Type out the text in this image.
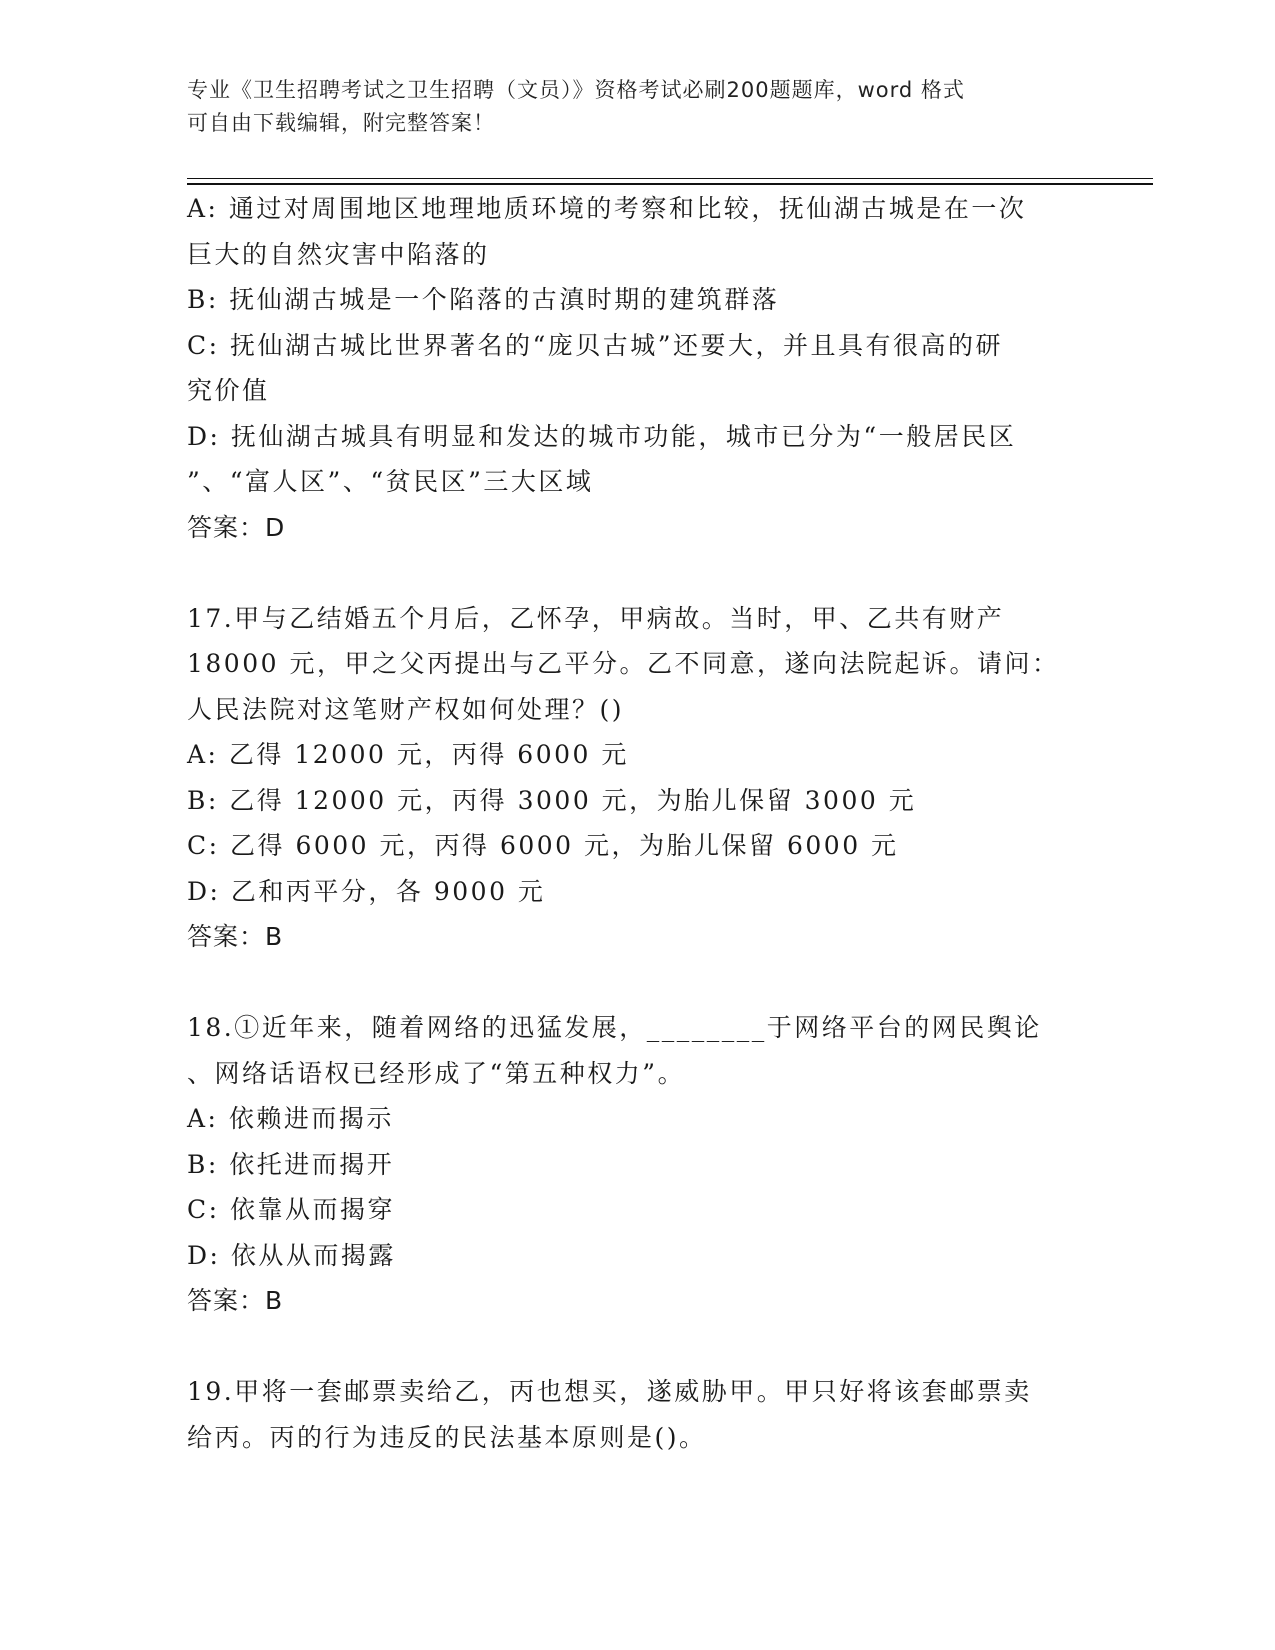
专业《卫生招聘考试之卫生招聘（文员）》资格考试必刷200题题库，word 格式
可自由下载编辑，附完整答案！
A: 通过对周围地区地理地质环境的考察和比较，抚仙湖古城是在一次
巨大的自然灾害中陷落的
B: 抚仙湖古城是一个陷落的古滇时期的建筑群落
C: 抚仙湖古城比世界著名的“庞贝古城”还要大，并且具有很高的研
究价值
D: 抚仙湖古城具有明显和发达的城市功能，城市已分为“一般居民区
”、“富人区”、“贫民区”三大区域
答案：D
17.甲与乙结婚五个月后，乙怀孕，甲病故。当时，甲、乙共有财产
18000 元，甲之父丙提出与乙平分。乙不同意，遂向法院起诉。请问：
人民法院对这笔财产权如何处理？()
A: 乙得 12000 元，丙得 6000 元
B: 乙得 12000 元，丙得 3000 元，为胎儿保留 3000 元
C: 乙得 6000 元，丙得 6000 元，为胎儿保留 6000 元
D: 乙和丙平分，各 9000 元
答案：B
18.①近年来，随着网络的迅猛发展，________于网络平台的网民舆论
、网络话语权已经形成了“第五种权力”。
A: 依赖进而揭示
B: 依托进而揭开
C: 依靠从而揭穿
D: 依从从而揭露
答案：B
19.甲将一套邮票卖给乙，丙也想买，遂威胁甲。甲只好将该套邮票卖
给丙。丙的行为违反的民法基本原则是()。
